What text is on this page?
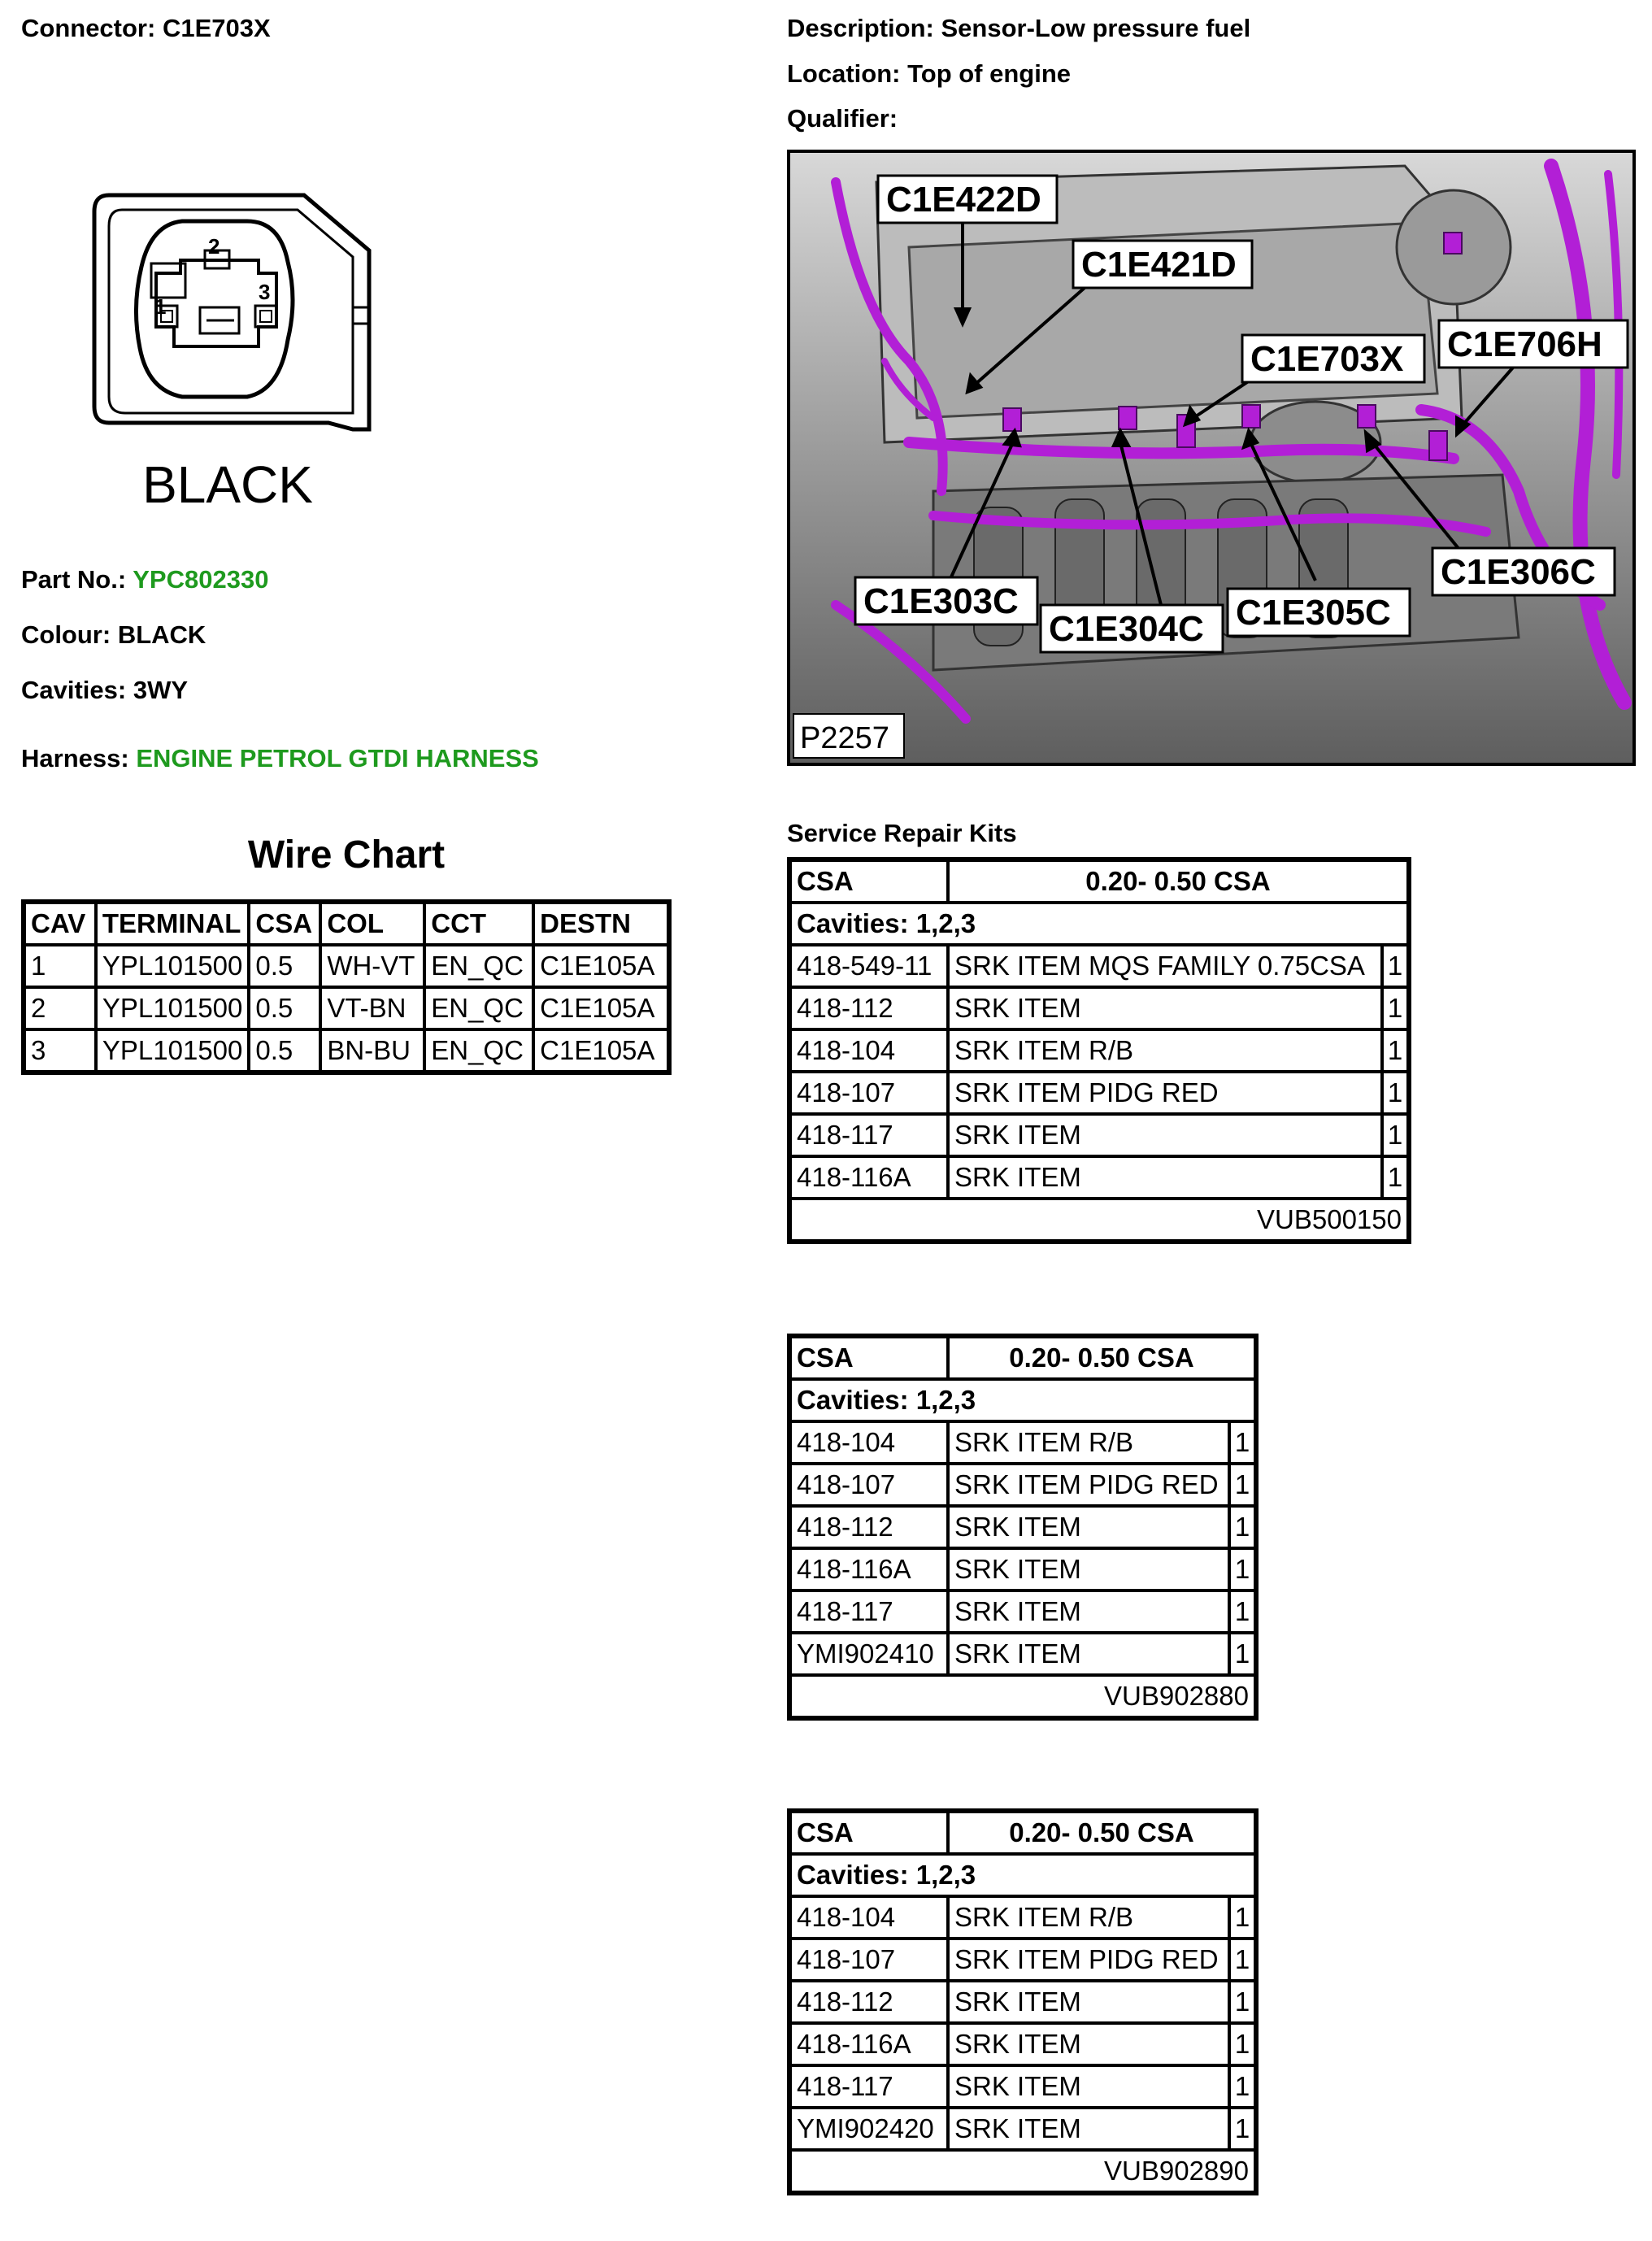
Connector: C1E703X	Description: Sensor-Low pressure fuel
Location: Top of engine
Qualifier:
1
2
3
BLACK
Part No.: YPC802330
Colour: BLACK
Cavities: 3WY
Harness: ENGINE PETROL GTDI HARNESS
C1E422D
C1E421D
C1E703X C1E706H
C1E303C
C1E304C C1E305C
C1E306C
P2257
Wire Chart
CAV	TERMINAL	CSA	COL	CCT	DESTN
1	YPL101500	0.5	WH-VT	EN_QC	C1E105A
2	YPL101500	0.5	VT-BN	EN_QC	C1E105A
3	YPL101500	0.5	BN-BU	EN_QC	C1E105A
Service Repair Kits
CSA	0.20- 0.50 CSA	
Cavities: 1,2,3		
418-549-11	SRK ITEM MQS FAMILY 0.75CSA	1
418-112	SRK ITEM	1
418-104	SRK ITEM R/B	1
418-107	SRK ITEM PIDG RED	1
418-117	SRK ITEM	1
418-116A	SRK ITEM	1
VUB500150		
CSA	0.20- 0.50 CSA	
Cavities: 1,2,3		
418-104	SRK ITEM R/B	1
418-107	SRK ITEM PIDG RED	1
418-112	SRK ITEM	1
418-116A	SRK ITEM	1
418-117	SRK ITEM	1
YMI902410	SRK ITEM	1
VUB902880		
CSA	0.20- 0.50 CSA	
Cavities: 1,2,3		
418-104	SRK ITEM R/B	1
418-107	SRK ITEM PIDG RED	1
418-112	SRK ITEM	1
418-116A	SRK ITEM	1
418-117	SRK ITEM	1
YMI902420	SRK ITEM	1
VUB902890		
